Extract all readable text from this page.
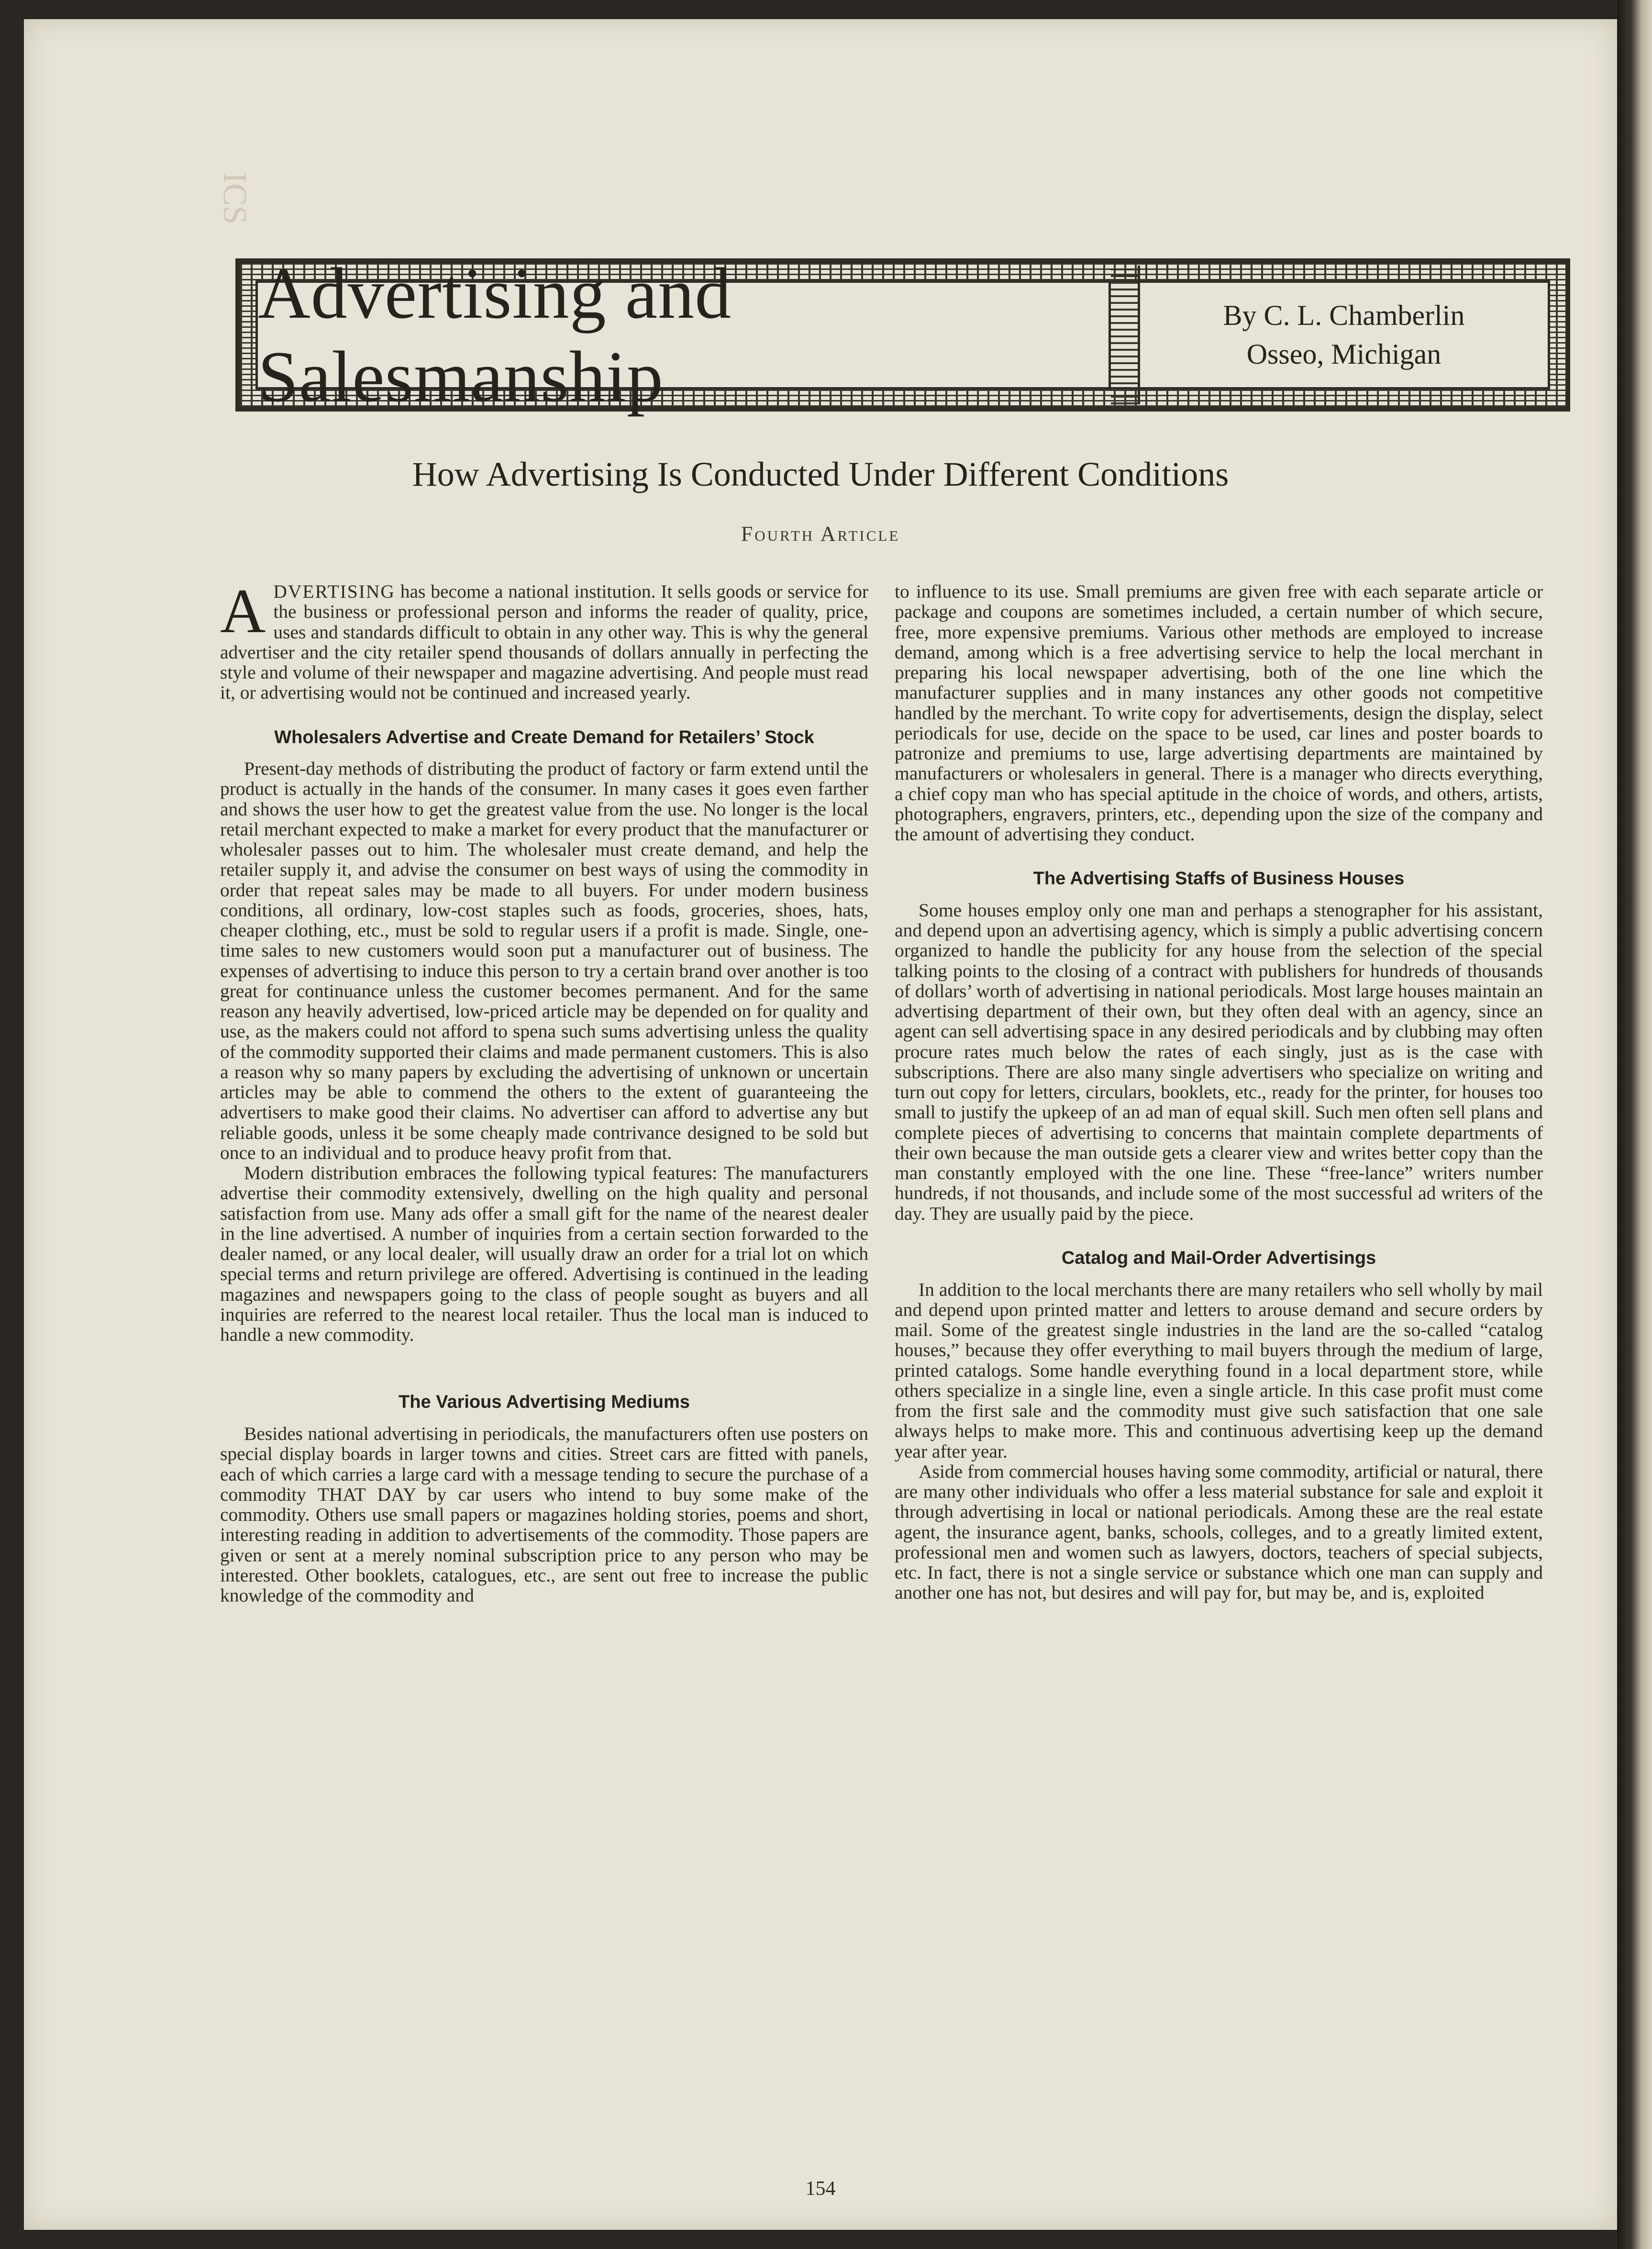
ICS
Advertising and Salesmanship
By C. L. Chamberlin
Osseo, Michigan
How Advertising Is Conducted Under Different Conditions
Fourth Article

ADVERTISING has become a national institution. It sells goods or service for the business or professional person and informs the reader of quality, price, uses and standards difficult to obtain in any other way. This is why the general advertiser and the city retailer spend thousands of dollars annually in perfecting the style and volume of their newspaper and magazine advertising. And people must read it, or advertising would not be continued and increased yearly.

Wholesalers Advertise and Create Demand for Retailers’ Stock

Present-day methods of distributing the product of factory or farm extend until the product is actually in the hands of the consumer. In many cases it goes even farther and shows the user how to get the greatest value from the use. No longer is the local retail merchant expected to make a market for every product that the manufacturer or wholesaler passes out to him. The wholesaler must create demand, and help the retailer supply it, and advise the consumer on best ways of using the commodity in order that repeat sales may be made to all buyers. For under modern business conditions, all ordinary, low-cost staples such as foods, groceries, shoes, hats, cheaper clothing, etc., must be sold to regular users if a profit is made. Single, one-time sales to new customers would soon put a manufacturer out of business. The expenses of advertising to induce this person to try a certain brand over another is too great for continuance unless the customer becomes permanent. And for the same reason any heavily advertised, low-priced article may be depended on for quality and use, as the makers could not afford to spena such sums advertising unless the quality of the commodity supported their claims and made permanent customers. This is also a reason why so many papers by excluding the advertising of unknown or uncertain articles may be able to commend the others to the extent of guaranteeing the advertisers to make good their claims. No advertiser can afford to advertise any but reliable goods, unless it be some cheaply made contrivance designed to be sold but once to an individual and to produce heavy profit from that.

Modern distribution embraces the following typical features: The manufacturers advertise their commodity extensively, dwelling on the high quality and personal satisfaction from use. Many ads offer a small gift for the name of the nearest dealer in the line advertised. A number of inquiries from a certain section forwarded to the dealer named, or any local dealer, will usually draw an order for a trial lot on which special terms and return privilege are offered. Advertising is continued in the leading magazines and newspapers going to the class of people sought as buyers and all inquiries are referred to the nearest local retailer. Thus the local man is induced to handle a new commodity.

The Various Advertising Mediums

Besides national advertising in periodicals, the manufacturers often use posters on special display boards in larger towns and cities. Street cars are fitted with panels, each of which carries a large card with a message tending to secure the purchase of a commodity THAT DAY by car users who intend to buy some make of the commodity. Others use small papers or magazines holding stories, poems and short, interesting reading in addition to advertisements of the commodity. Those papers are given or sent at a merely nominal subscription price to any person who may be interested. Other booklets, catalogues, etc., are sent out free to increase the public knowledge of the commodity and

to influence to its use. Small premiums are given free with each separate article or package and coupons are sometimes included, a certain number of which secure, free, more expensive premiums. Various other methods are employed to increase demand, among which is a free advertising service to help the local merchant in preparing his local newspaper advertising, both of the one line which the manufacturer supplies and in many instances any other goods not competitive handled by the merchant. To write copy for advertisements, design the display, select periodicals for use, decide on the space to be used, car lines and poster boards to patronize and premiums to use, large advertising departments are maintained by manufacturers or wholesalers in general. There is a manager who directs everything, a chief copy man who has special aptitude in the choice of words, and others, artists, photographers, engravers, printers, etc., depending upon the size of the company and the amount of advertising they conduct.

The Advertising Staffs of Business Houses

Some houses employ only one man and perhaps a stenographer for his assistant, and depend upon an advertising agency, which is simply a public advertising concern organized to handle the publicity for any house from the selection of the special talking points to the closing of a contract with publishers for hundreds of thousands of dollars’ worth of advertising in national periodicals. Most large houses maintain an advertising department of their own, but they often deal with an agency, since an agent can sell advertising space in any desired periodicals and by clubbing may often procure rates much below the rates of each singly, just as is the case with subscriptions. There are also many single advertisers who specialize on writing and turn out copy for letters, circulars, booklets, etc., ready for the printer, for houses too small to justify the upkeep of an ad man of equal skill. Such men often sell plans and complete pieces of advertising to concerns that maintain complete departments of their own because the man outside gets a clearer view and writes better copy than the man constantly employed with the one line. These “free-lance” writers number hundreds, if not thousands, and include some of the most successful ad writers of the day. They are usually paid by the piece.

Catalog and Mail-Order Advertisings

In addition to the local merchants there are many retailers who sell wholly by mail and depend upon printed matter and letters to arouse demand and secure orders by mail. Some of the greatest single industries in the land are the so-called “catalog houses,” because they offer everything to mail buyers through the medium of large, printed catalogs. Some handle everything found in a local department store, while others specialize in a single line, even a single article. In this case profit must come from the first sale and the commodity must give such satisfaction that one sale always helps to make more. This and continuous advertising keep up the demand year after year.

Aside from commercial houses having some commodity, artificial or natural, there are many other individuals who offer a less material substance for sale and exploit it through advertising in local or national periodicals. Among these are the real estate agent, the insurance agent, banks, schools, colleges, and to a greatly limited extent, professional men and women such as lawyers, doctors, teachers of special subjects, etc. In fact, there is not a single service or substance which one man can supply and another one has not, but desires and will pay for, but may be, and is, exploited

154
